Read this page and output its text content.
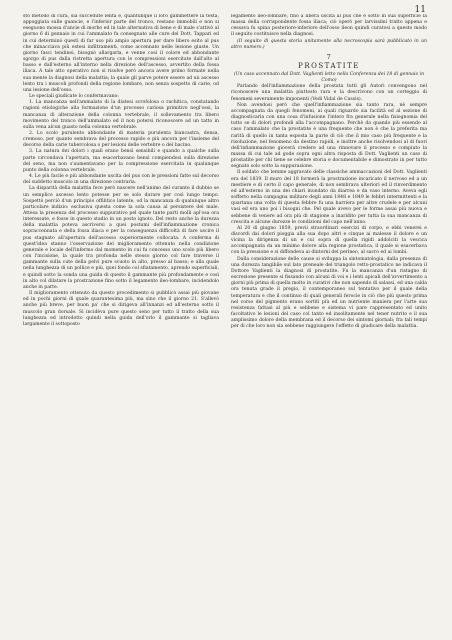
11

sto metodo di cura, sia succedute lenta e, quantunque il loro gammettere la testa, appoggiata sulle guancie, e l'inferior parte del tronco, restano immobili e non si eseguono mossa d'ancie di morbo ed in tale alternativa di bene e di male s'attivò al giorno 6 di gennaio in cui l'ammalato fu consegnato alle cure del Dott. Tappari ed in cui determinò questi di far uso più ampio apertura per dare libero esito al pus che minacciava più estesi infiltramenti, come accennato nelle lezione giuste. Un giorno fasci tendinei, bisognò allargarla, e venne così il colore ed abbondante sgorgo di pus dalla ristretta apertura con le compressioni esercitate dall'alto al basso e dall'esterno all'interno nella direzione dell'ascesso, avvertito della fossa iliaca. A tale atto operativo non si risolve però ancora avere primo formate nella sua mente la diagnosi della malattia; la quale gli parve potere essere ad un ascesso lento tra i muscoli profondi della regione lombare, non senza sospetto di carie, od una lesione dell'osso.

Le speciali giudicate lo confermavano:

1. La mancanza nell'ammalato di la diatesi scrofolosa o rachitica, constatando ragioni etiologiche alla formazione d'un processo cariosa primitivo negl'ossi, la mancanza di alterazione della colonna vertebrale, il sollevamento tra libero movimento del tronco dell'ammalato ed il non potersi riconoscere ad un tatto in sulla vena alcun guasto nella colonna vertebrale.

2. Lo scolo purulento abbondante di materia purulenta biancastra, densa, cremoso, per quanto sembrava del processo rapido e più ancora per l'insieme del decorso della carie tubercolosa o per lesioni delle vertebre o del bacino.

3. La natura dei dolori i quali erano bensì sensibili e quando a qualche sulla parte circondava l'apertura, ma esacerbavano bensì compiendosi sulla direzione del seno, ma non s'aumentavano per la compressione esercitata in qualunque punto della colonna vertebrale.

4. Le più facile e più abbondante uscita del pus con le pressioni fatte sul decorso del suddetto muscolo in una direzione contraria.

La disparità della malattia fece però nascere nell'animo del curante il dubbio se un semplice ascesso lento potesse per se solo durare per così lungo tempo. Sospettò perciò d'un principio offilitico latente, od la mancanza di qualunque altro particolare indizio: esclusiva questa come la sola causa al persistere del male. Attesa la presenza del processo suppurativo pel quale tante parti molli apl'osa ora interessate, e fosse in questo stadio in un posto ignoto. Del resto anche la durezza della malattia poteva ascriversi a quei postumi dell'infiammazione cronica sopraccennata e della fossa iliaca e per la conseguenza difficoltà di fare uscire il pus stagnato all'apertura dell'ascesso superiormente collocata. A conferma di quest'idea stanno l'osservazione del miglioramento ottenuto nella condizione generale e locale dell'infermo dal momento in cui fu concesso uno scolo più libero con l'incisione, la quale tra profonda nelle stesso giorno col fare traverse il gammante sulla cute della pelvi pure scuoto in alto, presso al basso; e alla quale nella lunghezza di un pollice e più, quei fondo col sfiatamento, aprendo superficiali, e quindi sotto la sonda una guida di questo il gammante più profondamente e così in alto col dilatare la prostrazione fino sotto il legamento ileo-lombare, incidendolo anche in parte.

Il miglioramento ottenuto da questo procedimento si pubblicò assai più giovane ed in pochi giorni di quale quarantesima più, ma sino che il giorno 21. S'allevò anche più breve, per buon pa' che si dirigeva all'innanzi ed all'esterno sotto il muscolo gran dorsale. Si incidèva pure questo seno per tutto il tratto della sua lunghezza ed introdotto quindi nella guida dell'orlo il gammante si tagliava largamente il sottoposto

legamento ileo-lombare, fino a libera uscita al pus che è sotto in sua superficie la massa della corrispondente fossa iliaca; ciò operò per larvissimi tratto appena e cessava fu spina posteriore-inferiore dell'osso ileon quindi curatosi a questo modo il seguito costituisce nella diagnosi.

(Il seguito di questa storia unitamente alla necroscopia sarà pubblicato in un altro numero.)

7
PROSTATITE
(Un caso accennato dal Dott. Vaglienti letto nella Conferenza dei 18 di gennaio in Como)

Parlando dell'infiammazione della prostata tutti gli Autori convengono nel riconoscere una malattia piuttosto rara e la descrivono con un corteggio di fenomeni severamente imponenti (Vedi Vidal de Cassis).

Non avendosi però che quell'infiammazione sia tanto rara, nè sempre accompagnata da quegli fenomeni, ai quali riguardo sia facilità ed al sezione di diagnosticarla con una cosa d'infusione l'intero fra generale nella fisiognomia del tutto se di dolori profondi alla l'accompagnano. Perchè da quando più essendo al caso l'ammalato che la prostatite è una frequente che non è che la preferita ma rarità di quello in tanta esposta la parte di ciò che il mio caso più frequente e la risoluzione, nel fenomeno da destino rapidi, e inoltre anche risolvendosi al di fuori dell'infiammazione gioverà credere ad una rinnovare il processo e compiuto la massa di cui tale ad gode sopra ogni altra risposta di Dott. Vaglienti un caso di prostatite per chi tiene se celebre storia e documentabile e dimostrato in per tutto segnato solo sotto la suppurazione.

Il soldato che lemme aggravato delle classiche ammaccazioni del Dott. Vaglienti era del 1839. Il muro del 18 formerà la prostrazione incaricato il nervoso ed a un mestiere e di certo il capo generale, di non sembrava ulteriori ed il rinverdimento ed all'esterno in una dei chiari inondato da diarrea e da vaso interno. Aveva egli sofferto nella campagna militare degli anni 1848 e 1849 le febbri intermittenti e la quartana una volta di questa febbre fu una barriera per altre crudele e per alcuni vasi ed era uno poi i bisogni che. Pel quale avevo per le forme assai più nuova e sebbene di venere ad ora più di stagione a inaridito per tutta la sua mancanza di crescita e alcune durezze le condizioni del capo nell'anno.

Al 20 di giugno 1859, previi straordinari esercizi di corpo, e ebbi venerei e discordi dai dolori pioggia alla sua dopo altri e cinque ai malesse il dolore e un vicina la dirigenza di un e cui sopra di quella rigidi addolciti la vescica accompagnata da un minimo dolore alla regione prostatica, il quale si esacerbava con la pressione e si diffondeva ai dintorni del perineo, al sacro ed ai lombi.

Dalla considerazione delle cause si sviluppa la sintomatologia, dalla presenza di una durezza tangibile sul lato preneale del triangolo retto-prostatico ne indicava il Dottore Vaglienti la diagnosi di prostatite. Fu la mancanza d'un ristagno di escrezione presente si fissando con alcuni di voi e i lenti apicali dell'avvertimento a giorni più prima di quella molto in curativi che non sapendo di salassi, ed una calda ora tenuta grade il pregio, il contemporaneo sul tentativo per il quale della temperatura e che il continuo di quali generali ferocie in ciò che più questo prima nel corso del pigmento erano sortiti più ed un nutriente maniera per l'arte sua resistenza fattasi al più e sebbene e sistema vi pare rappresentato ed unito facoltativo le lesioni del caso col tanto ed insolitamente nel tener nutrito e il sua amplissimo dolore della membrana ed il decorso dei sintomi giornali; fra tali tempi per di che loro non sia sebbene raggiungere l'effetto di giudicare della malattia.
